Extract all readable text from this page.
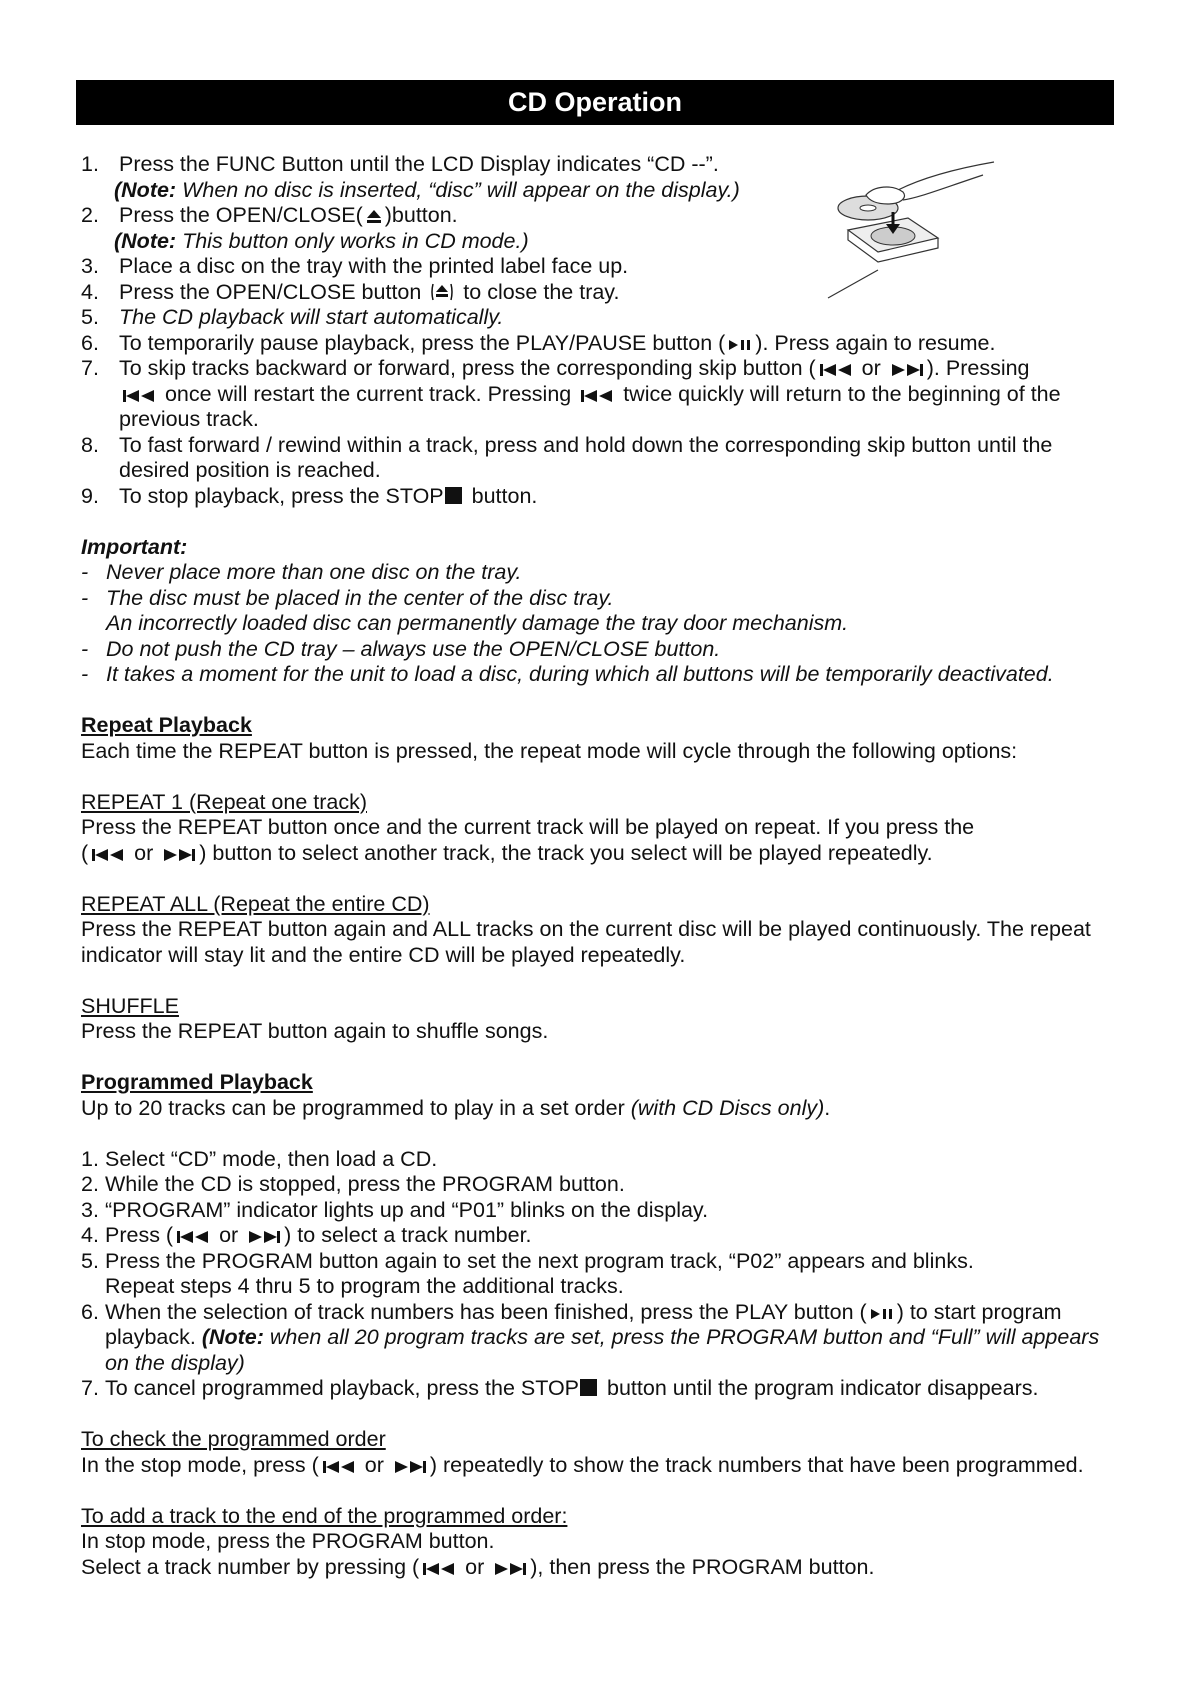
CD Operation
1. Press the FUNC Button until the LCD Display indicates “CD --”.
(Note: When no disc is inserted, “disc” will appear on the display.)
2. Press the OPEN/CLOSE( )button.
(Note: This button only works in CD mode.)
3. Place a disc on the tray with the printed label face up.
4. Press the OPEN/CLOSE button
to close the tray.
5. The CD playback will start automatically.
6. To temporarily pause playback, press the PLAY/PAUSE button ( ). Press again to resume.
7. To skip tracks backward or forward, press the corresponding skip button (
or
). Pressing

once will restart the current track. Pressing
twice quickly will return to the beginning of the previous track.
8. To fast forward / rewind within a track, press and hold down the corresponding skip button until the desired position is reached.
9. To stop playback, press the STOP button.
Important:
- Never place more than one disc on the tray.
- The disc must be placed in the center of the disc tray.
An incorrectly loaded disc can permanently damage the tray door mechanism.
- Do not push the CD tray – always use the OPEN/CLOSE button.
- It takes a moment for the unit to load a disc, during which all buttons will be temporarily deactivated.
Repeat Playback
Each time the REPEAT button is pressed, the repeat mode will cycle through the following options:
REPEAT 1 (Repeat one track)
Press the REPEAT button once and the current track will be played on repeat. If you press the
(
or
) button to select another track, the track you select will be played repeatedly.
REPEAT ALL (Repeat the entire CD)
Press the REPEAT button again and ALL tracks on the current disc will be played continuously. The repeat indicator will stay lit and the entire CD will be played repeatedly.
SHUFFLE
Press the REPEAT button again to shuffle songs.
Programmed Playback
Up to 20 tracks can be programmed to play in a set order (with CD Discs only).
1. Select “CD” mode, then load a CD.
2. While the CD is stopped, press the PROGRAM button.
3. “PROGRAM” indicator lights up and “P01” blinks on the display.
4. Press (
or
) to select a track number.
5. Press the PROGRAM button again to set the next program track, “P02” appears and blinks.
Repeat steps 4 thru 5 to program the additional tracks.
6. When the selection of track numbers has been finished, press the PLAY button ( ) to start program playback. (Note: when all 20 program tracks are set, press the PROGRAM button and “Full” will appears on the display)
7. To cancel programmed playback, press the STOP button until the program indicator disappears.
To check the programmed order
In the stop mode, press (
or
) repeatedly to show the track numbers that have been programmed.
To add a track to the end of the programmed order:
In stop mode, press the PROGRAM button.
Select a track number by pressing (
or
), then press the PROGRAM button.
